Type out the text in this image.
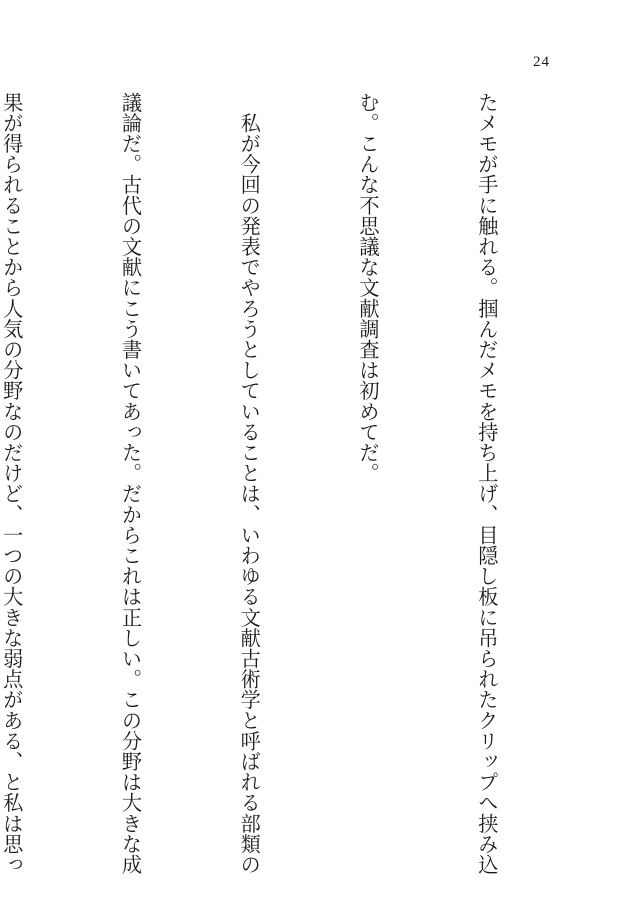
24

たメモが手に触れる。掴んだメモを持ち上げ、目隠し板に吊られたクリップへ挟み込

む。こんな不思議な文献調査は初めてだ。

　私が今回の発表でやろうとしていることは、いわゆる文献古術学と呼ばれる部類の

議論だ。古代の文献にこう書いてあった。だからこれは正しい。この分野は大きな成

果が得られることから人気の分野なのだけど、一つの大きな弱点がある、と私は思っ
